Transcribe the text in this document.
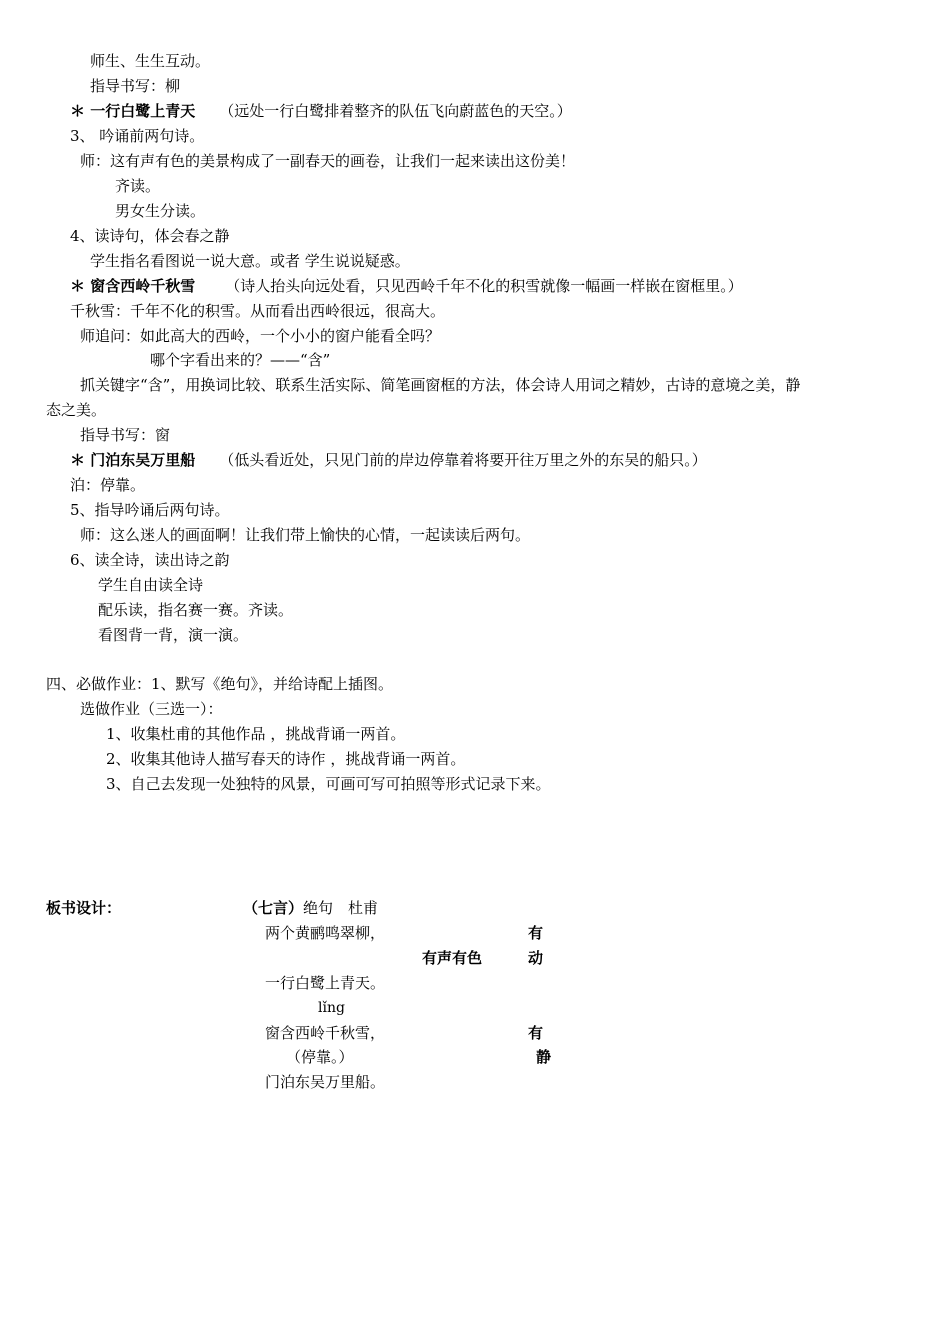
师生、生生互动。
指导书写：柳
＊ 一行白鹭上青天 （远处一行白鹭排着整齐的队伍飞向蔚蓝色的天空。）
3、 吟诵前两句诗。
师：这有声有色的美景构成了一副春天的画卷，让我们一起来读出这份美！
齐读。
男女生分读。
4、读诗句，体会春之静
学生指名看图说一说大意。或者 学生说说疑惑。
＊ 窗含西岭千秋雪 （诗人抬头向远处看，只见西岭千年不化的积雪就像一幅画一样嵌在窗框里。）
千秋雪：千年不化的积雪。从而看出西岭很远，很高大。
师追问：如此高大的西岭，一个小小的窗户能看全吗？
哪个字看出来的？——“含”
抓关键字“含”，用换词比较、联系生活实际、简笔画窗框的方法，体会诗人用词之精妙，古诗的意境之美，静
态之美。
指导书写：窗
＊ 门泊东吴万里船 （低头看近处，只见门前的岸边停靠着将要开往万里之外的东吴的船只。）
泊：停靠。
5、指导吟诵后两句诗。
师：这么迷人的画面啊！让我们带上愉快的心情，一起读读后两句。
6、读全诗，读出诗之韵
学生自由读全诗
配乐读，指名赛一赛。齐读。
看图背一背，演一演。
四、必做作业：1、默写《绝句》，并给诗配上插图。
选做作业（三选一）：
1、收集杜甫的其他作品 ，挑战背诵一两首。
2、收集其他诗人描写春天的诗作 ，挑战背诵一两首。
3、自己去发现一处独特的风景，可画可写可拍照等形式记录下来。
板书设计：	（七言）绝句　杜甫
两个黄鹂鸣翠柳，	有
有声有色	动
一行白鹭上青天。
lǐng
窗含西岭千秋雪，	有
（停靠。）	静
门泊东吴万里船。
